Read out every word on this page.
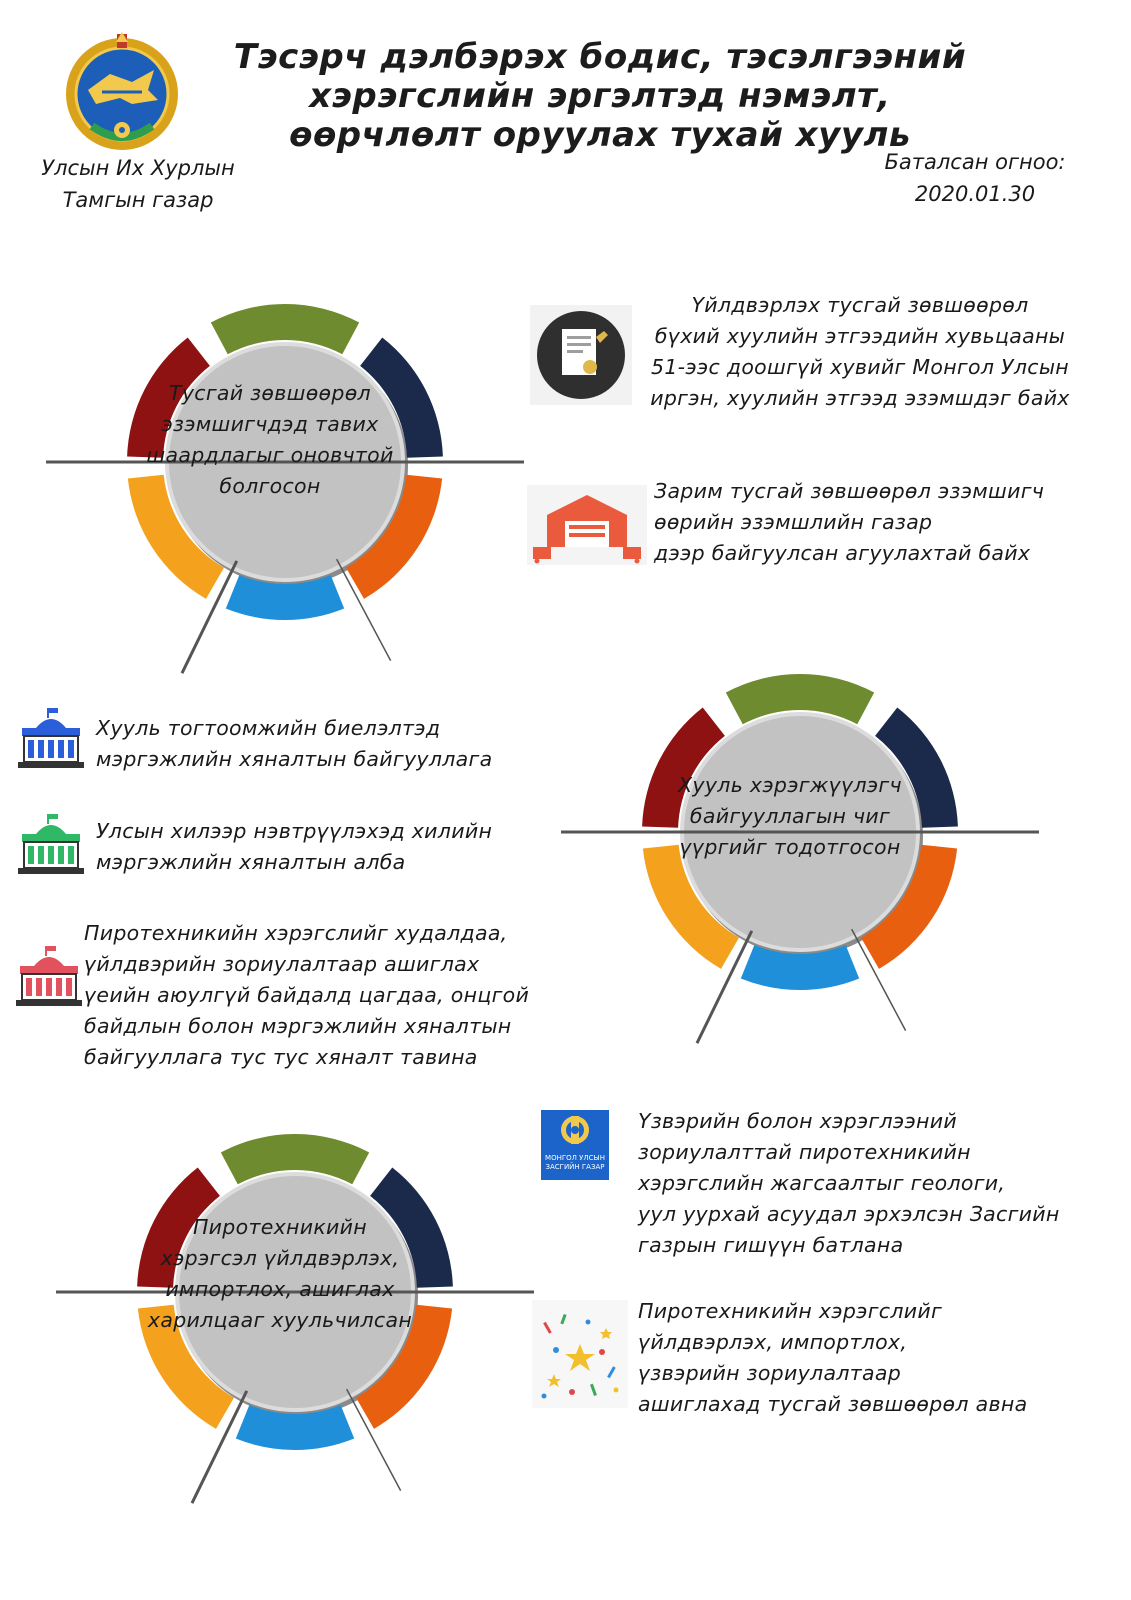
Тэсэрч дэлбэрэх бодис, тэсэлгээний
хэрэгслийн эргэлтэд нэмэлт,
өөрчлөлт оруулах тухай хууль
Улсын Их Хурлын
Тамгын газар
Баталсан огноо:
2020.01.30
Тусгай зөвшөөрөл
эзэмшигчдэд тавих
шаардлагыг оновчтой
болгосон
Хууль хэрэгжүүлэгч
байгууллагын чиг
үүргийг тодотгосон
Пиротехникийн
хэрэгсэл үйлдвэрлэх,
импортлох, ашиглах
харилцааг хуульчилсан
Үйлдвэрлэх тусгай зөвшөөрөл
бүхий хуулийн этгээдийн хувьцааны
51-ээс доошгүй хувийг Монгол Улсын
иргэн, хуулийн этгээд эзэмшдэг байх
Зарим тусгай зөвшөөрөл эзэмшигч
өөрийн эзэмшлийн газар
дээр байгуулсан агуулахтай байх
Хууль тогтоомжийн биелэлтэд
мэргэжлийн хяналтын байгууллага
Улсын хилээр нэвтрүүлэхэд хилийн
мэргэжлийн хяналтын алба
Пиротехникийн хэрэгслийг худалдаа,
үйлдвэрийн зориулалтаар ашиглах
үеийн аюулгүй байдалд цагдаа, онцгой
байдлын болон мэргэжлийн хяналтын
байгууллага тус тус хяналт тавина
МОНГОЛ УЛСЫН
ЗАСГИЙН ГАЗАР
Үзвэрийн болон хэрэглээний
зориулалттай пиротехникийн
хэрэгслийн жагсаалтыг геологи,
уул уурхай асуудал эрхэлсэн Засгийн
газрын гишүүн батлана
Пиротехникийн хэрэгслийг
үйлдвэрлэх, импортлох,
үзвэрийн зориулалтаар
ашиглахад тусгай зөвшөөрөл авна
